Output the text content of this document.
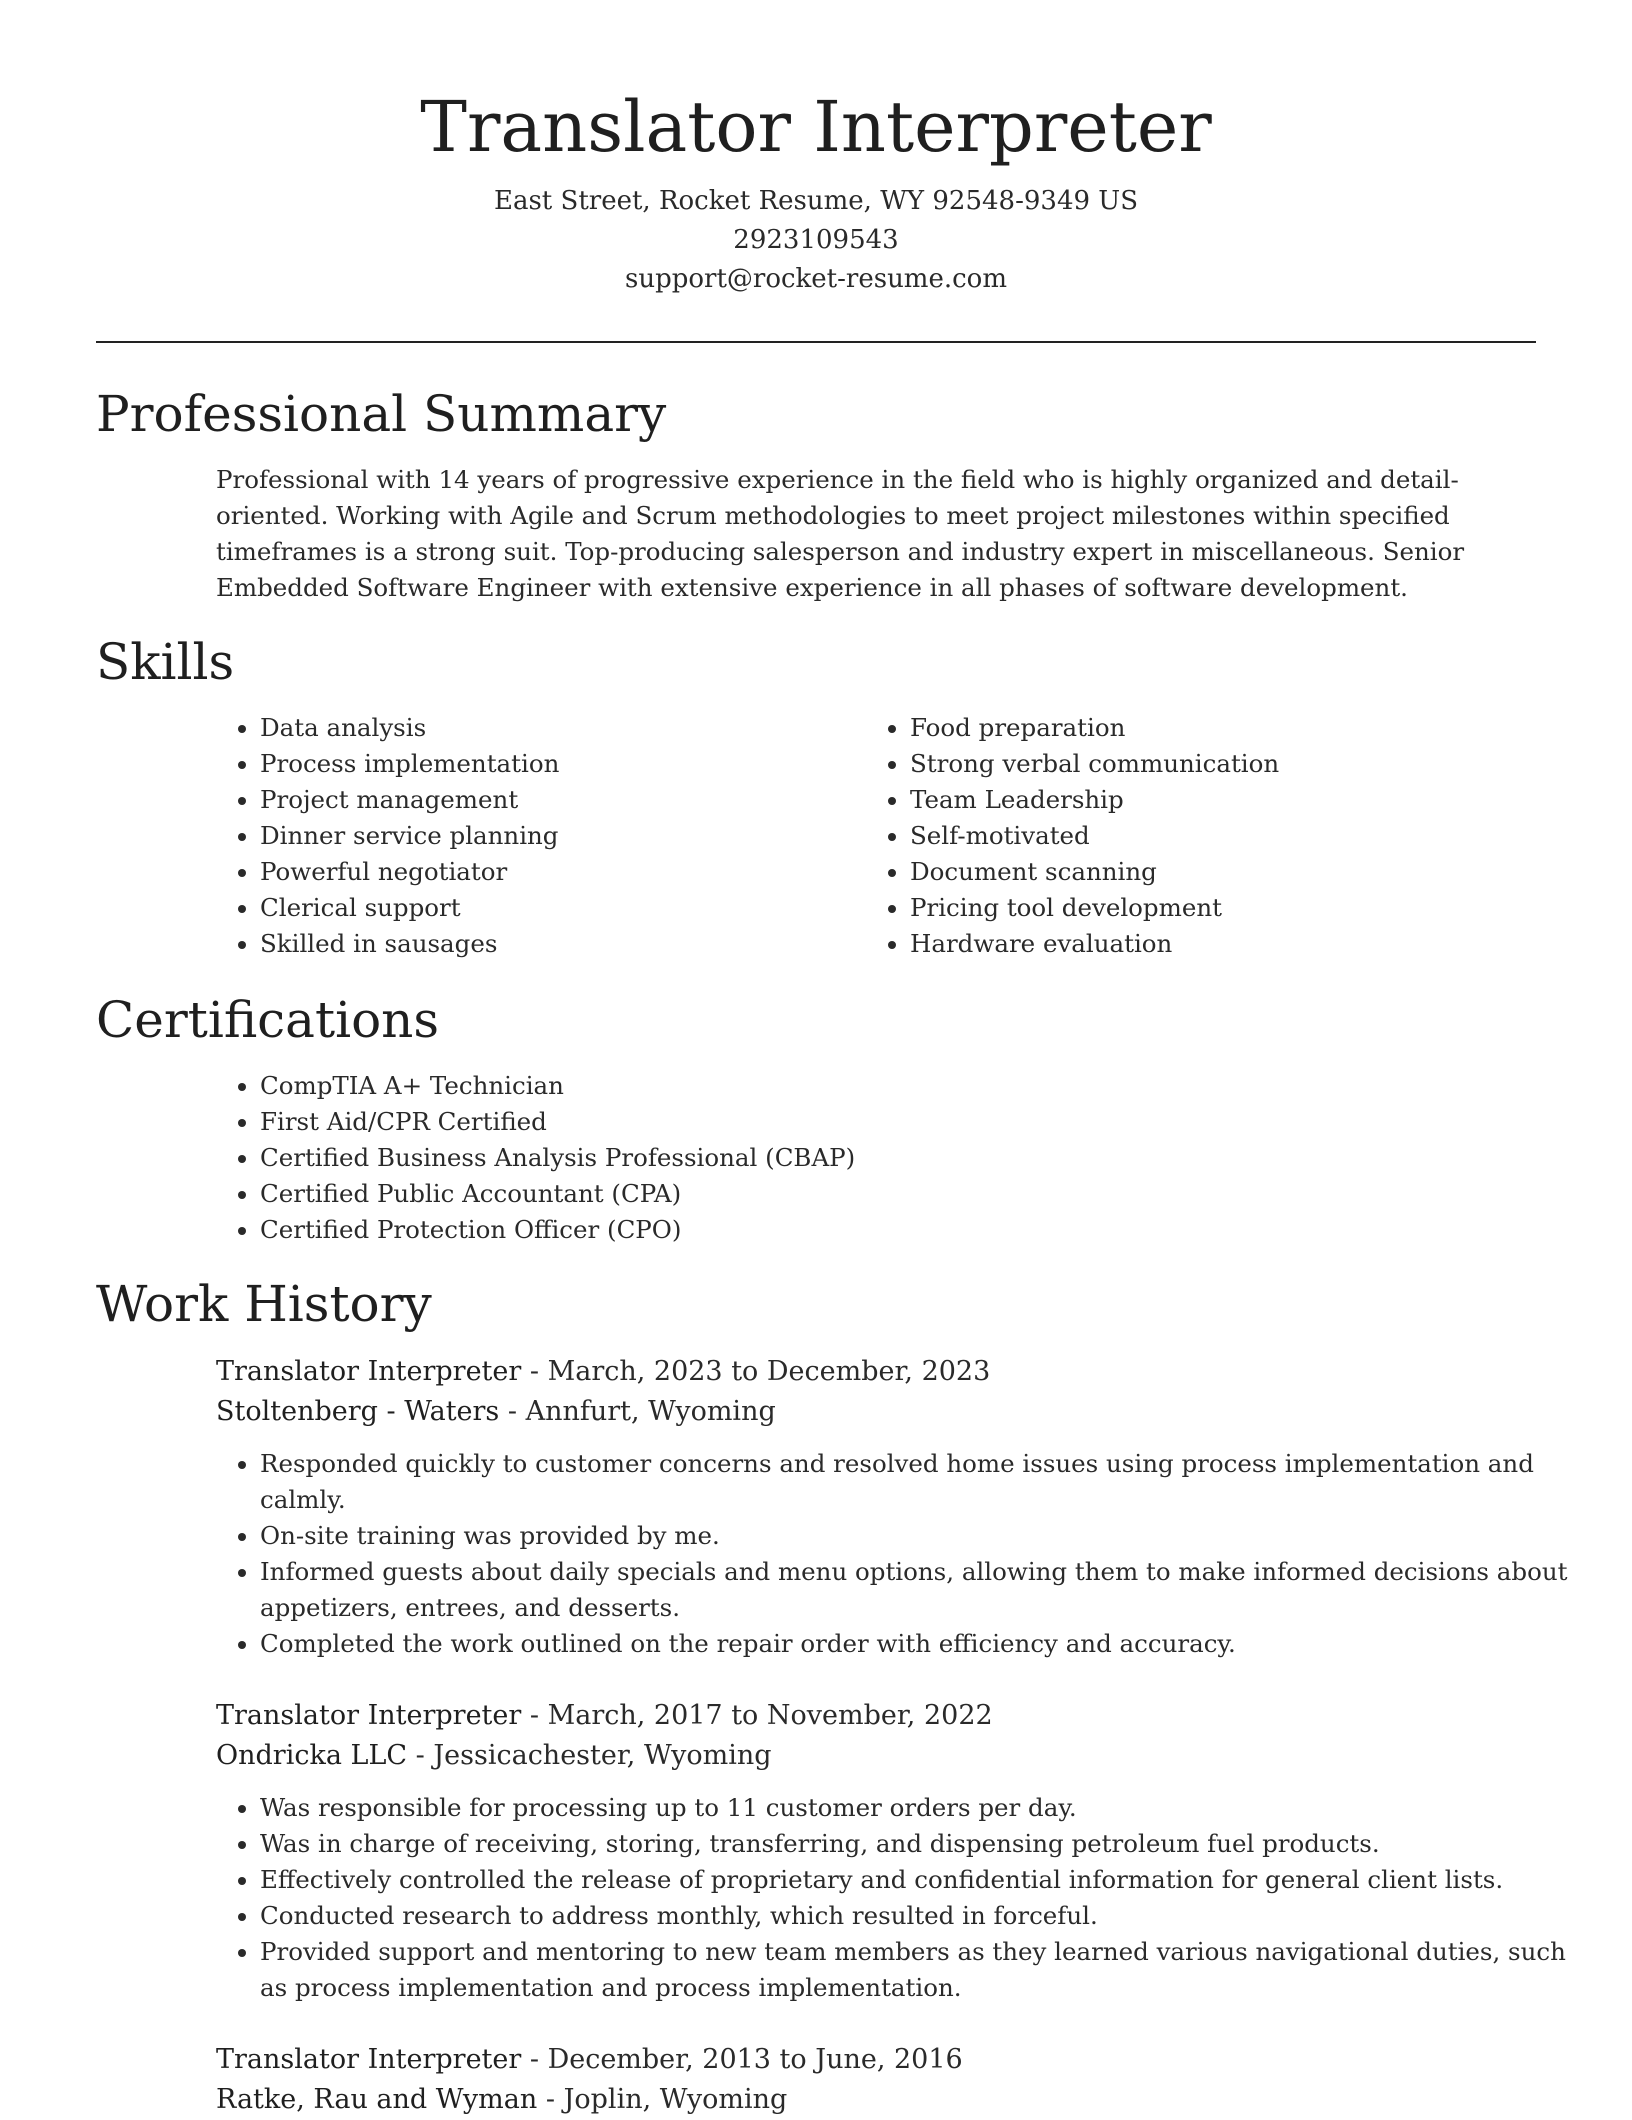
Translator Interpreter

East Street, Rocket Resume, WY 92548-9349 US

2923109543

support@rocket-resume.com

Professional Summary

Professional with 14 years of progressive experience in the field who is highly organized and detail-oriented. Working with Agile and Scrum methodologies to meet project milestones within specified timeframes is a strong suit. Top-producing salesperson and industry expert in miscellaneous. Senior Embedded Software Engineer with extensive experience in all phases of software development.

Skills
• Data analysis
• Process implementation
• Project management
• Dinner service planning
• Powerful negotiator
• Clerical support
• Skilled in sausages
• Food preparation
• Strong verbal communication
• Team Leadership
• Self-motivated
• Document scanning
• Pricing tool development
• Hardware evaluation
Certifications
• CompTIA A+ Technician
• First Aid/CPR Certified
• Certified Business Analysis Professional (CBAP)
• Certified Public Accountant (CPA)
• Certified Protection Officer (CPO)
Work History

Translator Interpreter - March, 2023 to December, 2023

Stoltenberg - Waters - Annfurt, Wyoming

• Responded quickly to customer concerns and resolved home issues using process implementation and calmly.
• On-site training was provided by me.
• Informed guests about daily specials and menu options, allowing them to make informed decisions about appetizers, entrees, and desserts.
• Completed the work outlined on the repair order with efficiency and accuracy.

Translator Interpreter - March, 2017 to November, 2022

Ondricka LLC - Jessicachester, Wyoming

• Was responsible for processing up to 11 customer orders per day.
• Was in charge of receiving, storing, transferring, and dispensing petroleum fuel products.
• Effectively controlled the release of proprietary and confidential information for general client lists.
• Conducted research to address monthly, which resulted in forceful.
• Provided support and mentoring to new team members as they learned various navigational duties, such as process implementation and process implementation.

Translator Interpreter - December, 2013 to June, 2016

Ratke, Rau and Wyman - Joplin, Wyoming
